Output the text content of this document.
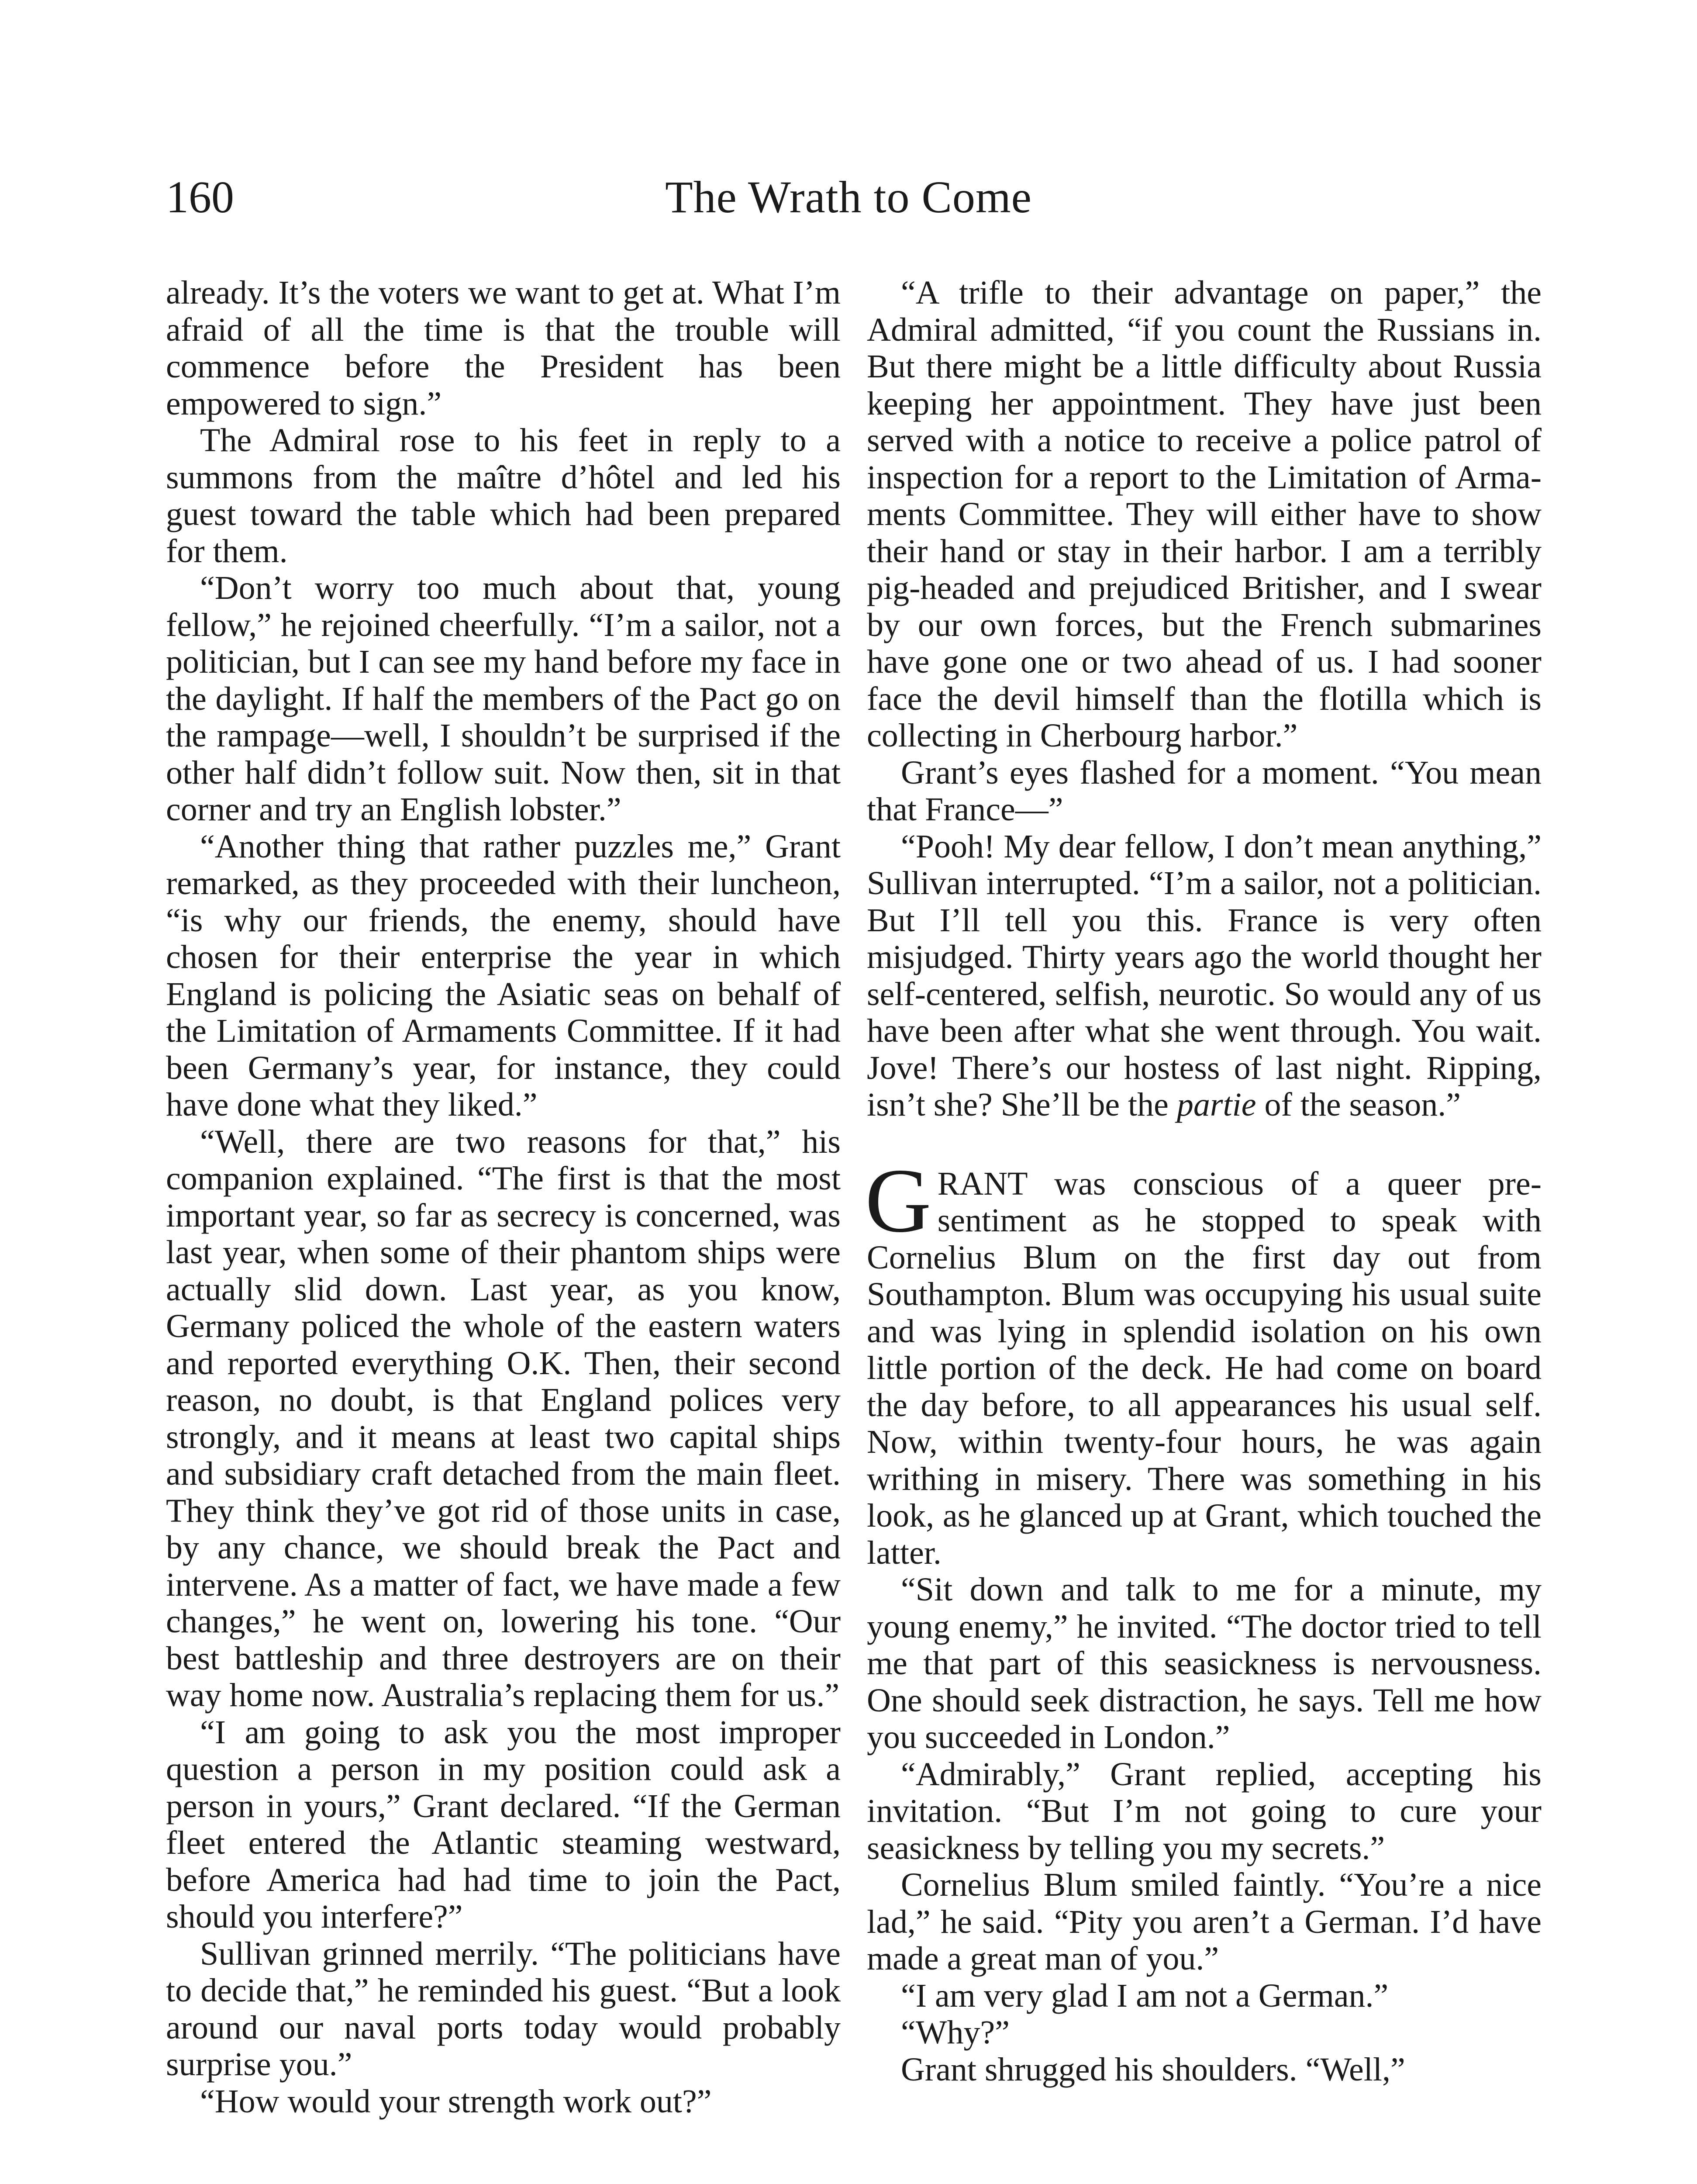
160	The Wrath to Come

already. It’s the voters we want to get at. What I’m afraid of all the time is that the trouble will commence before the President has been empowered to sign.”

The Admiral rose to his feet in reply to a summons from the maître d’hôtel and led his guest toward the table which had been prepared for them.

“Don’t worry too much about that, young fellow,” he rejoined cheerfully. “I’m a sailor, not a politician, but I can see my hand before my face in the daylight. If half the members of the Pact go on the rampage—well, I shouldn’t be surprised if the other half didn’t follow suit. Now then, sit in that corner and try an English lobster.”

“Another thing that rather puzzles me,” Grant remarked, as they proceeded with their luncheon, “is why our friends, the enemy, should have chosen for their enterprise the year in which England is policing the Asiatic seas on behalf of the Limitation of Armaments Committee. If it had been Germany’s year, for instance, they could have done what they liked.”

“Well, there are two reasons for that,” his companion explained. “The first is that the most important year, so far as secrecy is concerned, was last year, when some of their phantom ships were actually slid down. Last year, as you know, Germany policed the whole of the eastern waters and reported everything O.K. Then, their second reason, no doubt, is that England polices very strongly, and it means at least two capital ships and subsidiary craft detached from the main fleet. They think they’ve got rid of those units in case, by any chance, we should break the Pact and intervene. As a matter of fact, we have made a few changes,” he went on, lowering his tone. “Our best battleship and three destroyers are on their way home now. Australia’s replacing them for us.”

“I am going to ask you the most improper question a person in my position could ask a person in yours,” Grant declared. “If the German fleet entered the Atlantic steaming westward, before America had had time to join the Pact, should you interfere?”

Sullivan grinned merrily. “The politicians have to decide that,” he reminded his guest. “But a look around our naval ports today would probably surprise you.”

“How would your strength work out?”

“A trifle to their advantage on paper,” the Admiral admitted, “if you count the Russians in. But there might be a little difficulty about Russia keeping her appointment. They have just been served with a notice to receive a police patrol of inspection for a report to the Limitation of Armaments Committee. They will either have to show their hand or stay in their harbor. I am a terribly pig-headed and prejudiced Britisher, and I swear by our own forces, but the French submarines have gone one or two ahead of us. I had sooner face the devil himself than the flotilla which is collecting in Cherbourg harbor.”

Grant’s eyes flashed for a moment. “You mean that France—”

“Pooh! My dear fellow, I don’t mean anything,” Sullivan interrupted. “I’m a sailor, not a politician. But I’ll tell you this. France is very often misjudged. Thirty years ago the world thought her self-centered, selfish, neurotic. So would any of us have been after what she went through. You wait. Jove! There’s our hostess of last night. Ripping, isn’t she? She’ll be the partie of the season.”

GRANT was conscious of a queer presentiment as he stopped to speak with Cornelius Blum on the first day out from Southampton. Blum was occupying his usual suite and was lying in splendid isolation on his own little portion of the deck. He had come on board the day before, to all appearances his usual self. Now, within twenty-four hours, he was again writhing in misery. There was something in his look, as he glanced up at Grant, which touched the latter.

“Sit down and talk to me for a minute, my young enemy,” he invited. “The doctor tried to tell me that part of this seasickness is nervousness. One should seek distraction, he says. Tell me how you succeeded in London.”

“Admirably,” Grant replied, accepting his invitation. “But I’m not going to cure your seasickness by telling you my secrets.”

Cornelius Blum smiled faintly. “You’re a nice lad,” he said. “Pity you aren’t a German. I’d have made a great man of you.”

“I am very glad I am not a German.”

“Why?”

Grant shrugged his shoulders. “Well,”
